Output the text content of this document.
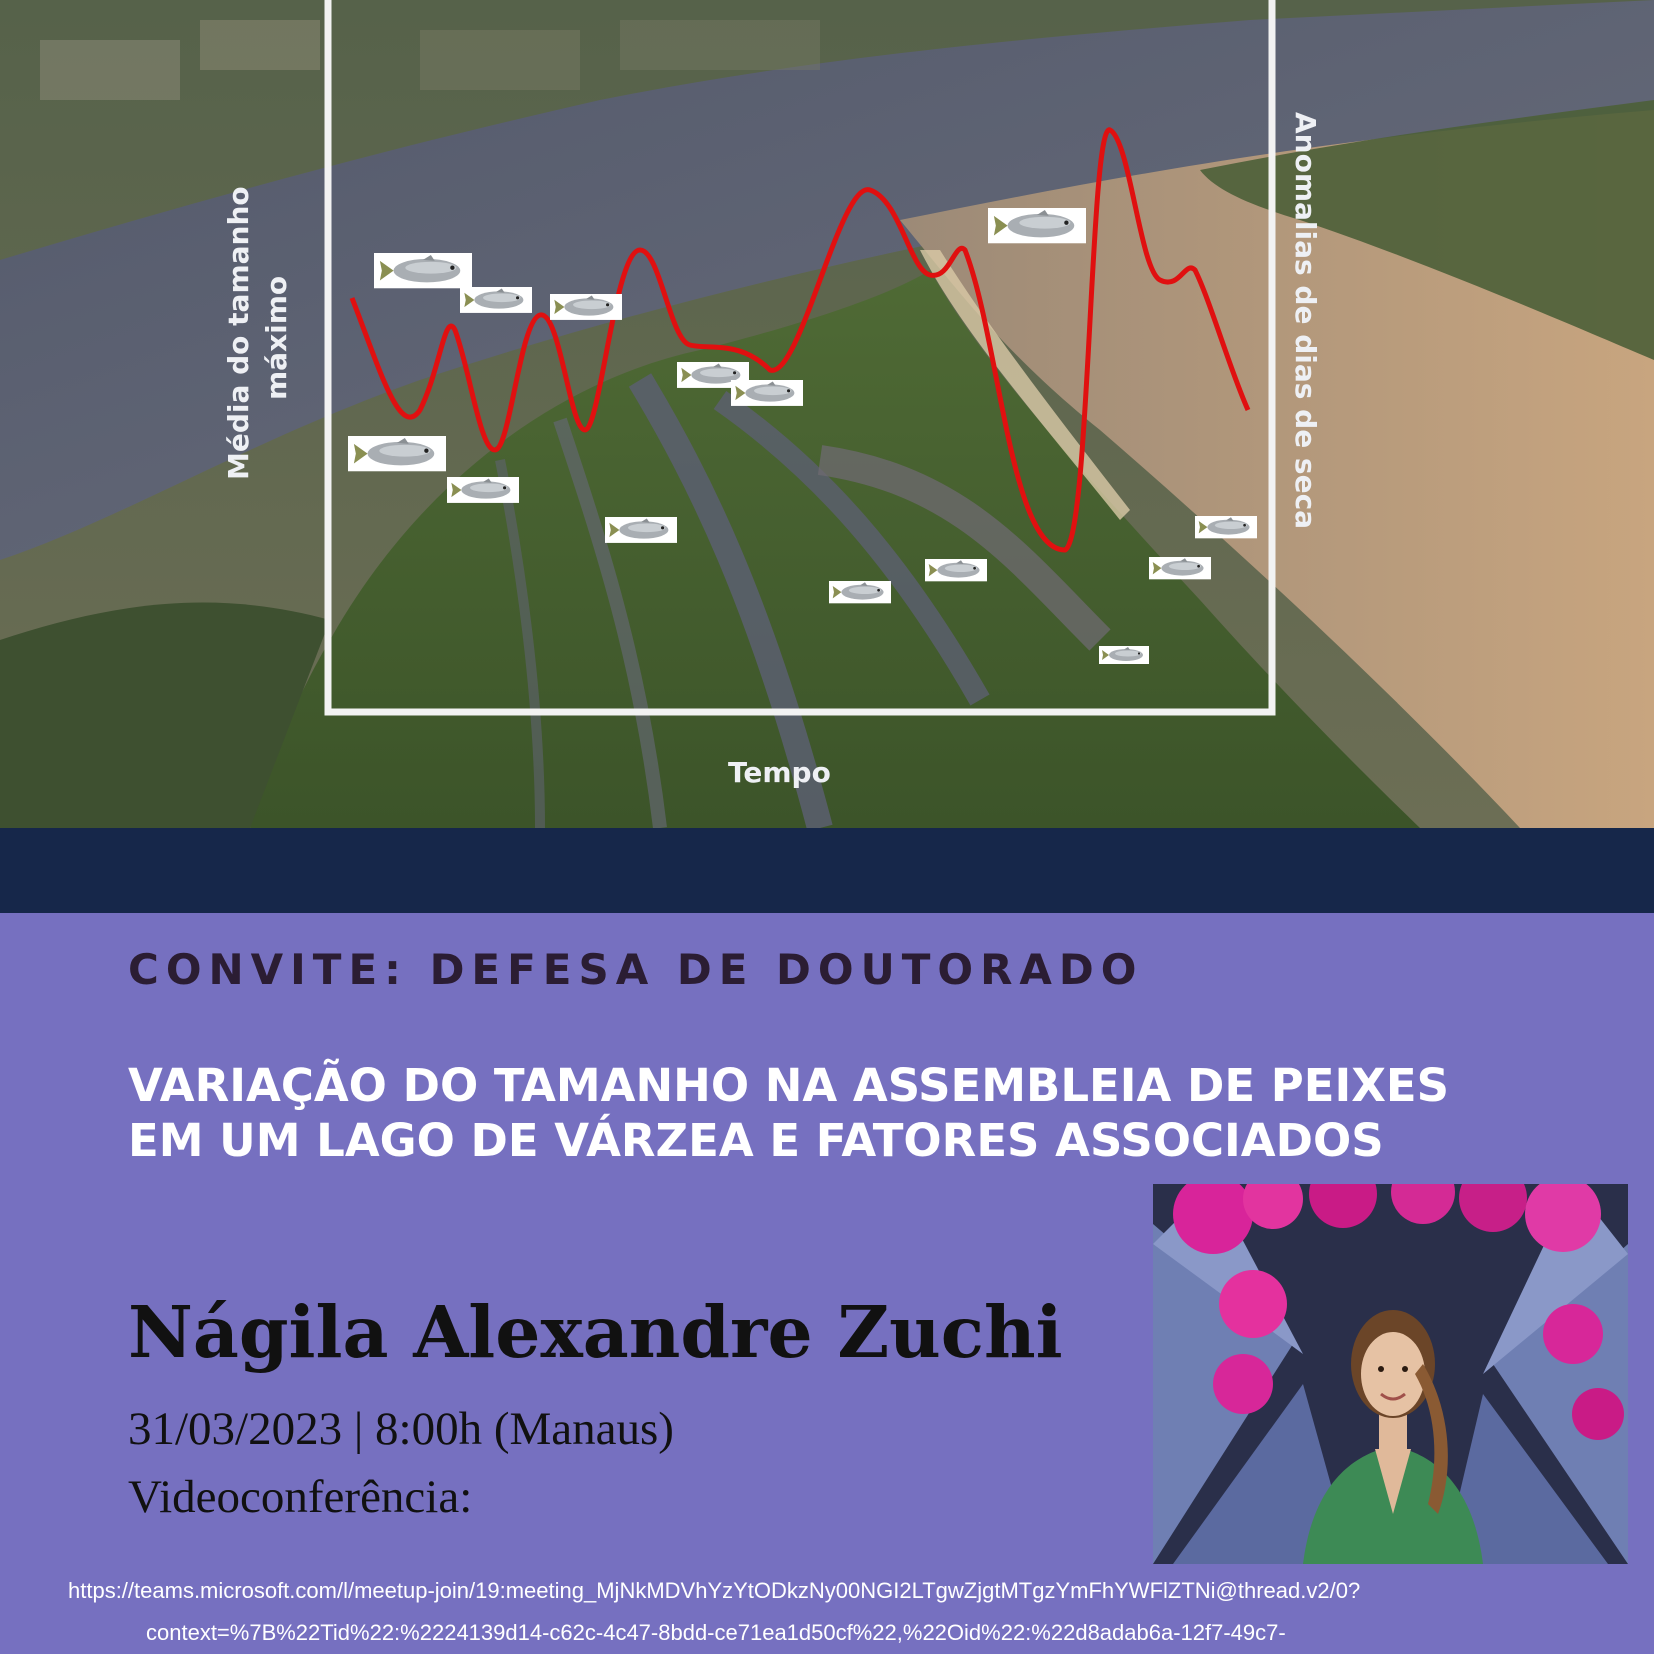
Média do tamanho máximo	Anomalias de dias de seca
Tempo
CONVITE: DEFESA DE DOUTORADO
VARIAÇÃO DO TAMANHO NA ASSEMBLEIA DE PEIXES
EM UM LAGO DE VÁRZEA E FATORES ASSOCIADOS
Nágila Alexandre Zuchi
31/03/2023 | 8:00h (Manaus)
Videoconferência:
https://teams.microsoft.com/l/meetup-join/19:meeting_MjNkMDVhYzYtODkzNy00NGI2LTgwZjgtMTgzYmFhYWFlZTNi@thread.v2/0?
context=%7B%22Tid%22:%2224139d14-c62c-4c47-8bdd-ce71ea1d50cf%22,%22Oid%22:%22d8adab6a-12f7-49c7-
